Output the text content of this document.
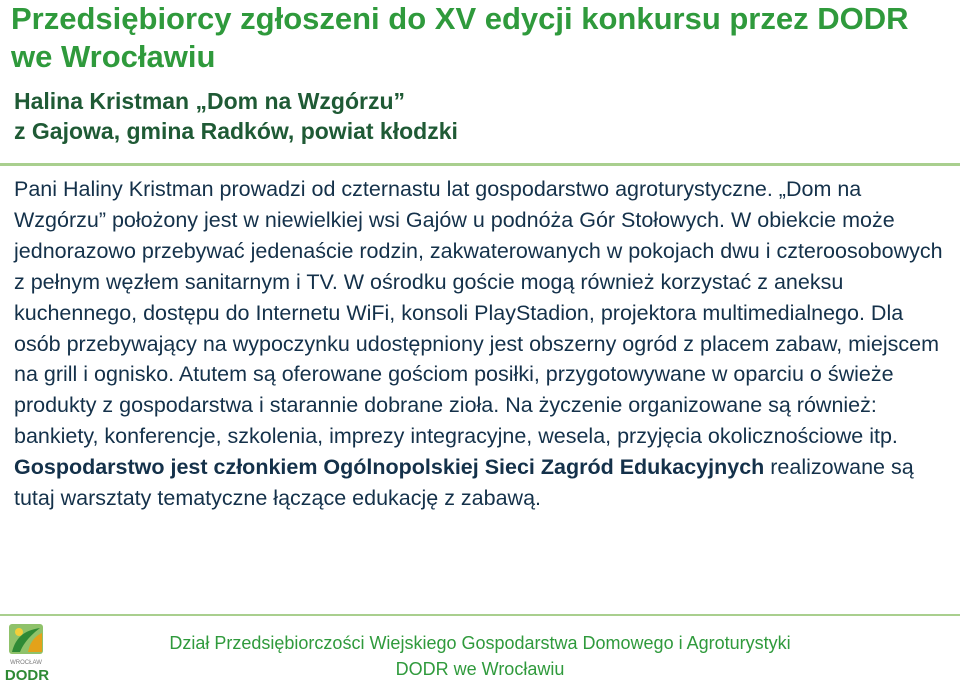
Przedsiębiorcy zgłoszeni do XV edycji konkursu przez DODR we Wrocławiu
Halina Kristman „Dom na Wzgórzu”
z Gajowa, gmina Radków, powiat kłodzki

Pani Haliny Kristman prowadzi od czternastu lat gospodarstwo agroturystyczne. „Dom na Wzgórzu” położony jest w niewielkiej wsi Gajów u podnóża Gór Stołowych. W obiekcie może jednorazowo przebywać jedenaście rodzin, zakwaterowanych w pokojach dwu i czteroosobowych z pełnym węzłem sanitarnym i TV. W ośrodku goście mogą również korzystać z aneksu kuchennego, dostępu do Internetu WiFi, konsoli PlayStadion, projektora multimedialnego. Dla osób przebywający na wypoczynku udostępniony jest obszerny ogród z placem zabaw, miejscem na grill i ognisko. Atutem są oferowane gościom posiłki, przygotowywane w oparciu o świeże produkty z gospodarstwa i starannie dobrane zioła. Na życzenie organizowane są również: bankiety, konferencje, szkolenia, imprezy integracyjne, wesela, przyjęcia okolicznościowe itp. Gospodarstwo jest członkiem Ogólnopolskiej Sieci Zagród Edukacyjnych realizowane są tutaj warsztaty tematyczne łączące edukację z zabawą.

WROCŁAW
DODR
Dział Przedsiębiorczości Wiejskiego Gospodarstwa Domowego i Agroturystyki
DODR we Wrocławiu
